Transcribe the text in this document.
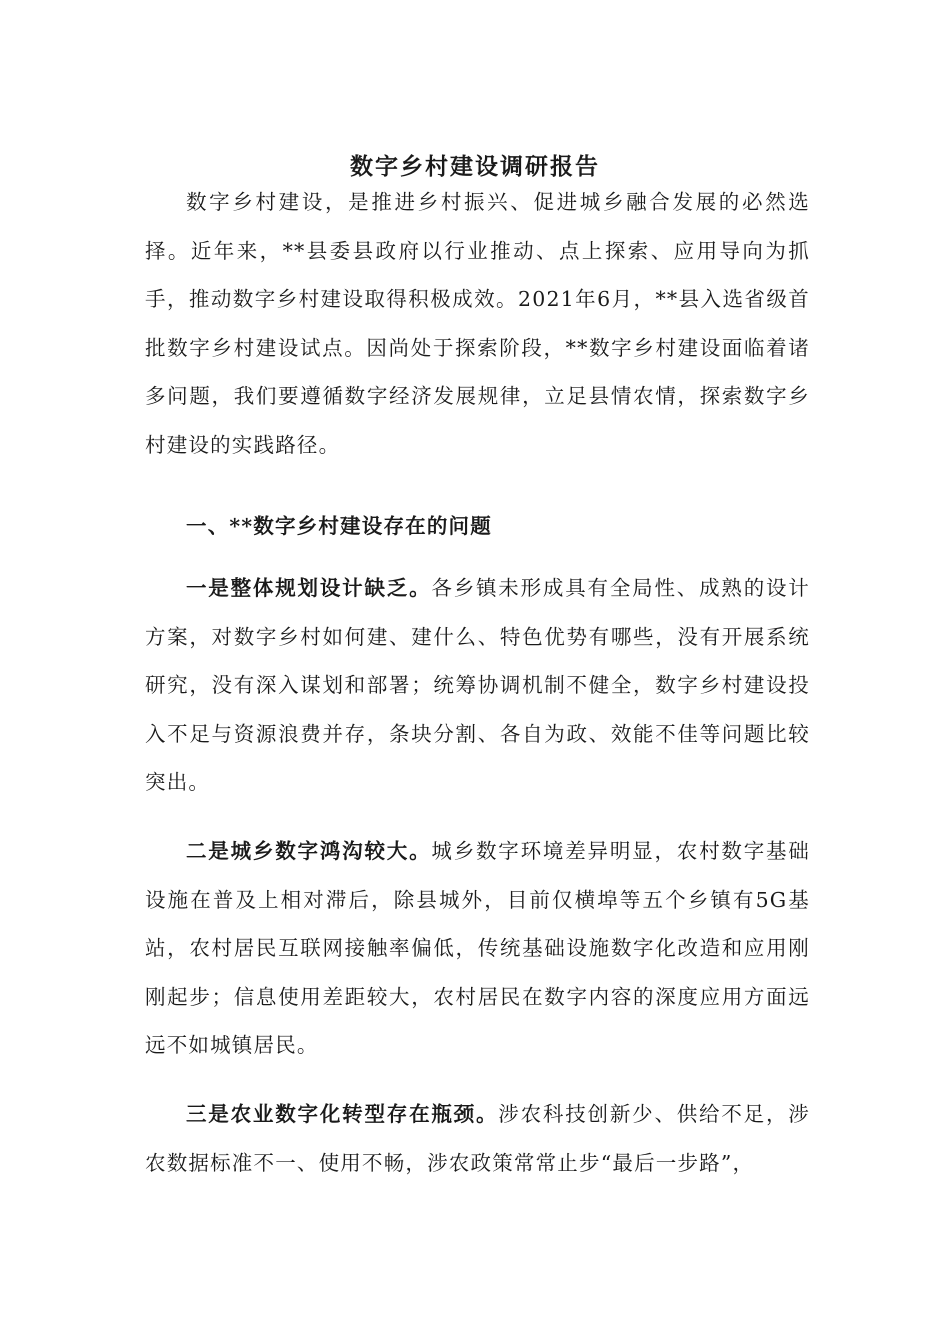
数字乡村建设调研报告

数字乡村建设，是推进乡村振兴、促进城乡融合发展的必然选择。近年来，**县委县政府以行业推动、点上探索、应用导向为抓手，推动数字乡村建设取得积极成效。2021年6月，**县入选省级首批数字乡村建设试点。因尚处于探索阶段，**数字乡村建设面临着诸多问题，我们要遵循数字经济发展规律，立足县情农情，探索数字乡村建设的实践路径。

一、**数字乡村建设存在的问题

一是整体规划设计缺乏。各乡镇未形成具有全局性、成熟的设计方案，对数字乡村如何建、建什么、特色优势有哪些，没有开展系统研究，没有深入谋划和部署；统筹协调机制不健全，数字乡村建设投入不足与资源浪费并存，条块分割、各自为政、效能不佳等问题比较突出。

二是城乡数字鸿沟较大。城乡数字环境差异明显，农村数字基础设施在普及上相对滞后，除县城外，目前仅横埠等五个乡镇有5G基站，农村居民互联网接触率偏低，传统基础设施数字化改造和应用刚刚起步；信息使用差距较大，农村居民在数字内容的深度应用方面远远不如城镇居民。

三是农业数字化转型存在瓶颈。涉农科技创新少、供给不足，涉农数据标准不一、使用不畅，涉农政策常常止步“最后一步路”，
